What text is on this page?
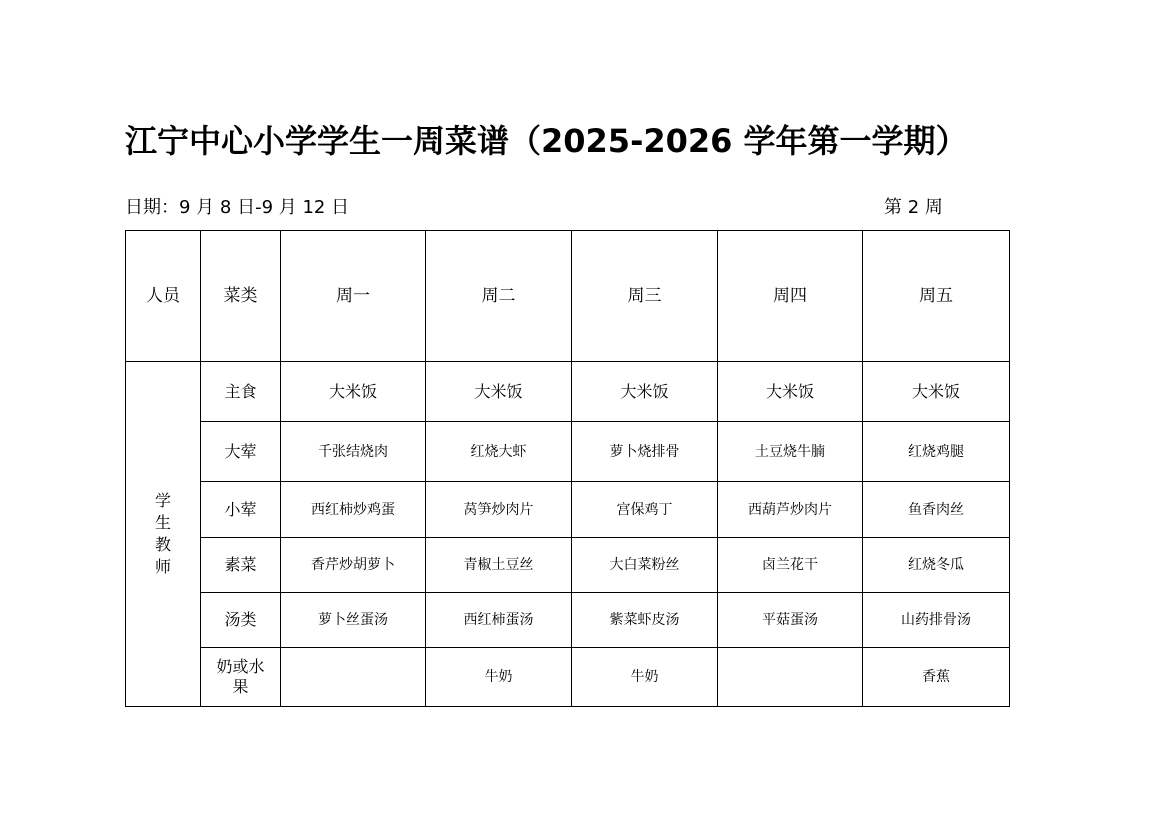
江宁中心小学学生一周菜谱（2025-2026 学年第一学期）
日期：9 月 8 日-9 月 12 日	第 2 周
人员	菜类	周一	周二	周三	周四	周五
学生教师	主食	大米饭	大米饭	大米饭	大米饭	大米饭
	大荤	千张结烧肉	红烧大虾	萝卜烧排骨	土豆烧牛腩	红烧鸡腿
	小荤	西红柿炒鸡蛋	莴笋炒肉片	宫保鸡丁	西葫芦炒肉片	鱼香肉丝
	素菜	香芹炒胡萝卜	青椒土豆丝	大白菜粉丝	卤兰花干	红烧冬瓜
	汤类	萝卜丝蛋汤	西红柿蛋汤	紫菜虾皮汤	平菇蛋汤	山药排骨汤
	奶或水果		牛奶	牛奶		香蕉
